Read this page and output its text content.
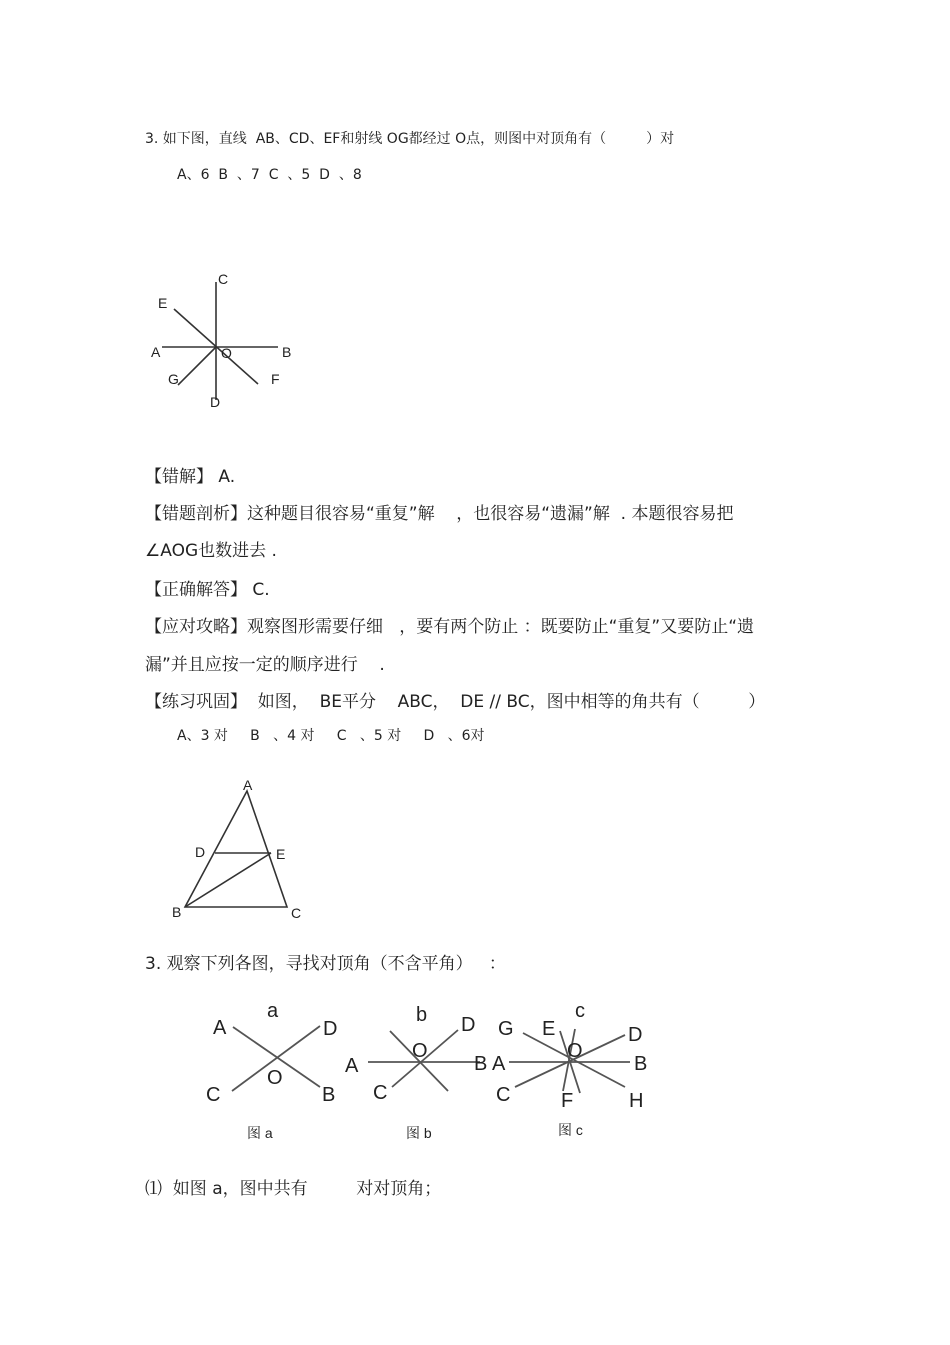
3. 如下图，直线  AB、CD、EF和射线 OG都经过 O点，则图中对顶角有（         ）对
A、6  B  、7  C  、5  D  、8
C
E
A	O	B
G	F
D
【错解】 A.
【错题剖析】这种题目很容易“重复”解    ，也很容易“遗漏”解  . 本题很容易把
∠AOG也数进去 .
【正确解答】 C.
【应对攻略】观察图形需要仔细   ，要有两个防止 ：既要防止“重复”又要防止“遗
漏”并且应按一定的顺序进行    .
【练习巩固】  如图，  BE平分    ABC，  DE // BC，图中相等的角共有（         ）
A、3 对     B   、4 对     C   、5 对     D   、6对
A
D	E
B	C
3. 观察下列各图，寻找对顶角（不含平角）   ：
a
A	D
O
C	B
图 a
b D
O
A	B
C
图 b
c
G E	D
A
O
B
C	F	H
图 c
⑴  如图 a，图中共有         对对顶角；
